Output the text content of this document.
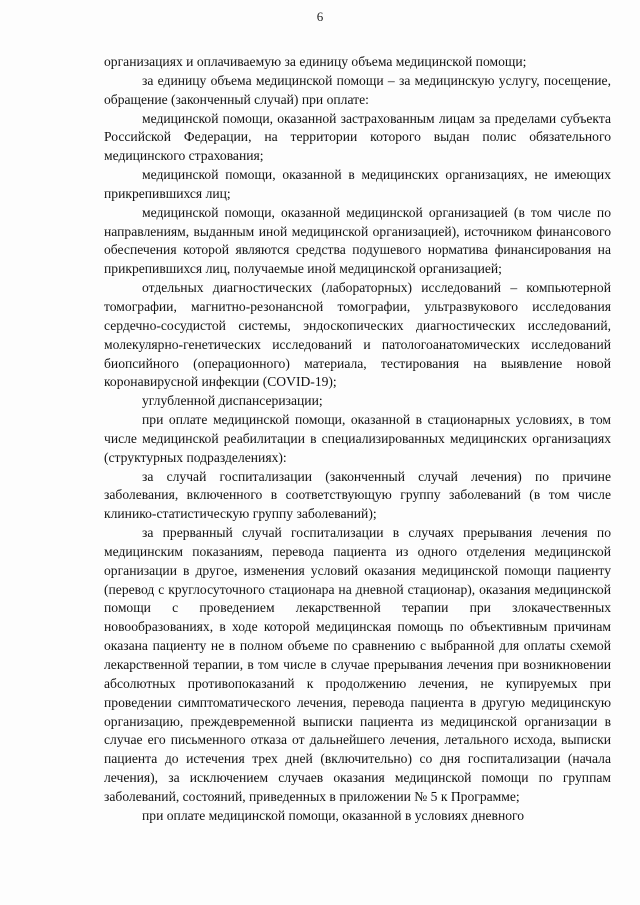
6

организациях и оплачиваемую за единицу объема медицинской помощи;

за единицу объема медицинской помощи – за медицинскую услугу, посещение, обращение (законченный случай) при оплате:

медицинской помощи, оказанной застрахованным лицам за пределами субъекта Российской Федерации, на территории которого выдан полис обязательного медицинского страхования;

медицинской помощи, оказанной в медицинских организациях, не имеющих прикрепившихся лиц;

медицинской помощи, оказанной медицинской организацией (в том числе по направлениям, выданным иной медицинской организацией), источником финансового обеспечения которой являются средства подушевого норматива финансирования на прикрепившихся лиц, получаемые иной медицинской организацией;

отдельных диагностических (лабораторных) исследований – компьютерной томографии, магнитно-резонансной томографии, ультразвукового исследования сердечно-сосудистой системы, эндоскопических диагностических исследований, молекулярно-генетических исследований и патологоанатомических исследований биопсийного (операционного) материала, тестирования на выявление новой коронавирусной инфекции (COVID-19);

углубленной диспансеризации;

при оплате медицинской помощи, оказанной в стационарных условиях, в том числе медицинской реабилитации в специализированных медицинских организациях (структурных подразделениях):

за случай госпитализации (законченный случай лечения) по причине заболевания, включенного в соответствующую группу заболеваний (в том числе клинико-статистическую группу заболеваний);

за прерванный случай госпитализации в случаях прерывания лечения по медицинским показаниям, перевода пациента из одного отделения медицинской организации в другое, изменения условий оказания медицинской помощи пациенту (перевод с круглосуточного стационара на дневной стационар), оказания медицинской помощи с проведением лекарственной терапии при злокачественных новообразованиях, в ходе которой медицинская помощь по объективным причинам оказана пациенту не в полном объеме по сравнению с выбранной для оплаты схемой лекарственной терапии, в том числе в случае прерывания лечения при возникновении абсолютных противопоказаний к продолжению лечения, не купируемых при проведении симптоматического лечения, перевода пациента в другую медицинскую организацию, преждевременной выписки пациента из медицинской организации в случае его письменного отказа от дальнейшего лечения, летального исхода, выписки пациента до истечения трех дней (включительно) со дня госпитализации (начала лечения), за исключением случаев оказания медицинской помощи по группам заболеваний, состояний, приведенных в приложении № 5 к Программе;

при оплате медицинской помощи, оказанной в условиях дневного
